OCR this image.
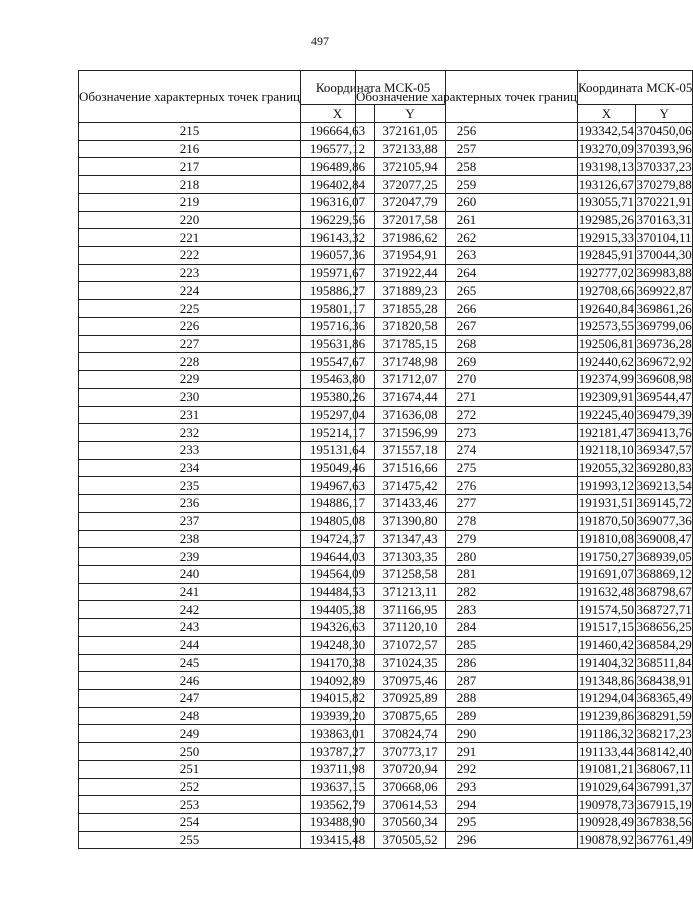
497
Обозначение характерных точек границ	Координата МСК-05	
	X	Y
215	196664,63	372161,05
216	196577,12	372133,88
217	196489,86	372105,94
218	196402,84	372077,25
219	196316,07	372047,79
220	196229,56	372017,58
221	196143,32	371986,62
222	196057,36	371954,91
223	195971,67	371922,44
224	195886,27	371889,23
225	195801,17	371855,28
226	195716,36	371820,58
227	195631,86	371785,15
228	195547,67	371748,98
229	195463,80	371712,07
230	195380,26	371674,44
231	195297,04	371636,08
232	195214,17	371596,99
233	195131,64	371557,18
234	195049,46	371516,66
235	194967,63	371475,42
236	194886,17	371433,46
237	194805,08	371390,80
238	194724,37	371347,43
239	194644,03	371303,35
240	194564,09	371258,58
241	194484,53	371213,11
242	194405,38	371166,95
243	194326,63	371120,10
244	194248,30	371072,57
245	194170,38	371024,35
246	194092,89	370975,46
247	194015,82	370925,89
248	193939,20	370875,65
249	193863,01	370824,74
250	193787,27	370773,17
251	193711,98	370720,94
252	193637,15	370668,06
253	193562,79	370614,53
254	193488,90	370560,34
255	193415,48	370505,52
Обозначение характерных точек границ	Координата МСК-05	
	X	Y
256	193342,54	370450,06
257	193270,09	370393,96
258	193198,13	370337,23
259	193126,67	370279,88
260	193055,71	370221,91
261	192985,26	370163,31
262	192915,33	370104,11
263	192845,91	370044,30
264	192777,02	369983,88
265	192708,66	369922,87
266	192640,84	369861,26
267	192573,55	369799,06
268	192506,81	369736,28
269	192440,62	369672,92
270	192374,99	369608,98
271	192309,91	369544,47
272	192245,40	369479,39
273	192181,47	369413,76
274	192118,10	369347,57
275	192055,32	369280,83
276	191993,12	369213,54
277	191931,51	369145,72
278	191870,50	369077,36
279	191810,08	369008,47
280	191750,27	368939,05
281	191691,07	368869,12
282	191632,48	368798,67
283	191574,50	368727,71
284	191517,15	368656,25
285	191460,42	368584,29
286	191404,32	368511,84
287	191348,86	368438,91
288	191294,04	368365,49
289	191239,86	368291,59
290	191186,32	368217,23
291	191133,44	368142,40
292	191081,21	368067,11
293	191029,64	367991,37
294	190978,73	367915,19
295	190928,49	367838,56
296	190878,92	367761,49
